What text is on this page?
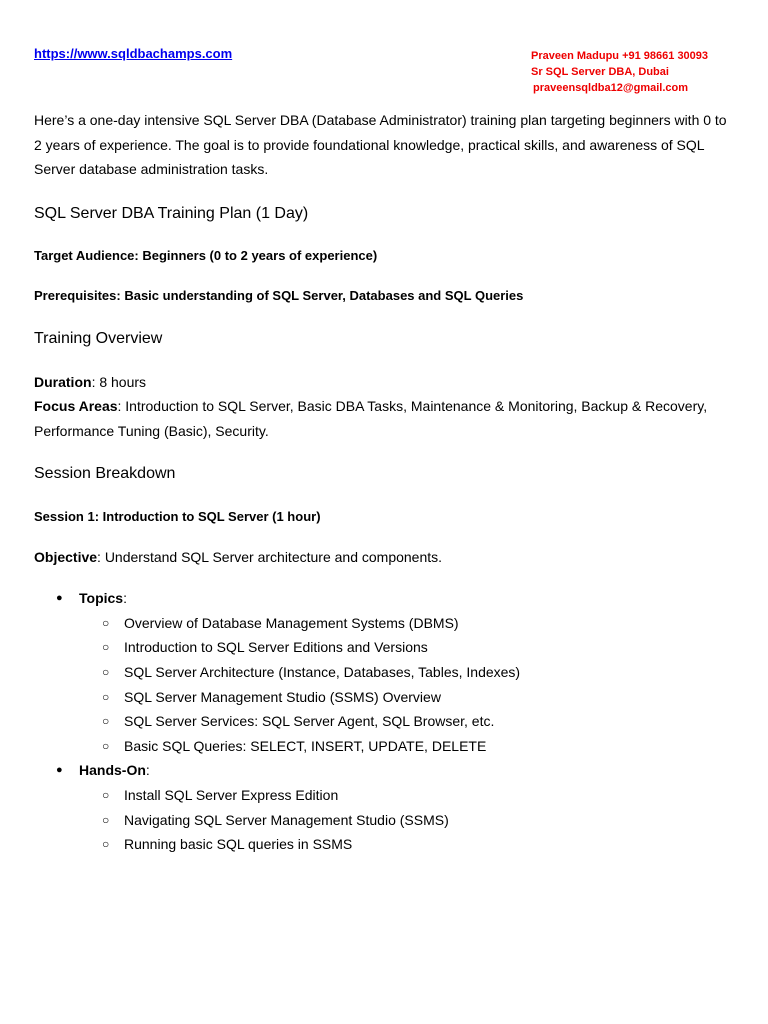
https://www.sqldbachamps.com	Praveen Madupu +91 98661 30093
Sr SQL Server DBA, Dubai
praveensqldba12@gmail.com

Here’s a one-day intensive SQL Server DBA (Database Administrator) training plan targeting beginners with 0 to 2 years of experience. The goal is to provide foundational knowledge, practical skills, and awareness of SQL Server database administration tasks.

SQL Server DBA Training Plan (1 Day)
Target Audience: Beginners (0 to 2 years of experience)
Prerequisites: Basic understanding of SQL Server, Databases and SQL Queries
Training Overview

Duration: 8 hours

Focus Areas: Introduction to SQL Server, Basic DBA Tasks, Maintenance & Monitoring, Backup & Recovery, Performance Tuning (Basic), Security.

Session Breakdown
Session 1: Introduction to SQL Server (1 hour)

Objective: Understand SQL Server architecture and components.

● Topics:
○ Overview of Database Management Systems (DBMS)
○ Introduction to SQL Server Editions and Versions
○ SQL Server Architecture (Instance, Databases, Tables, Indexes)
○ SQL Server Management Studio (SSMS) Overview
○ SQL Server Services: SQL Server Agent, SQL Browser, etc.
○ Basic SQL Queries: SELECT, INSERT, UPDATE, DELETE
● Hands-On:
○ Install SQL Server Express Edition
○ Navigating SQL Server Management Studio (SSMS)
○ Running basic SQL queries in SSMS
